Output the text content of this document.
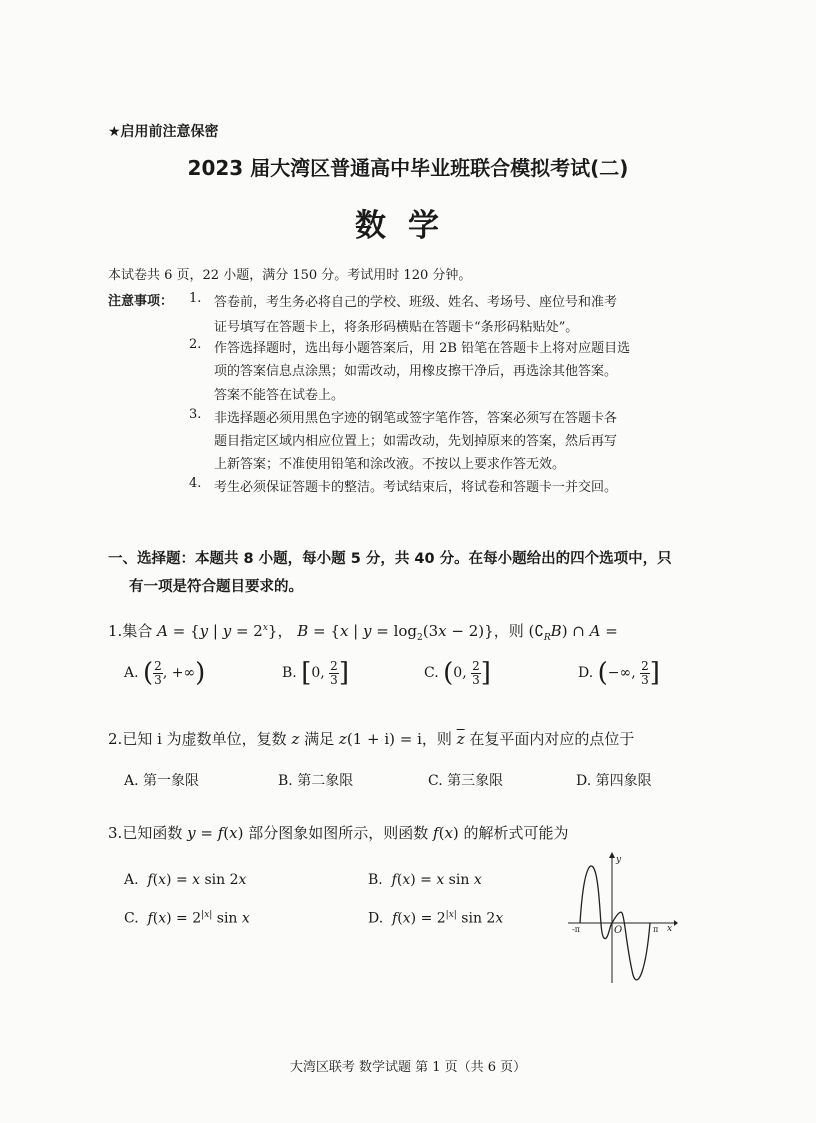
★启用前注意保密
2023 届大湾区普通高中毕业班联合模拟考试(二)
数学
本试卷共 6 页，22 小题，满分 150 分。考试用时 120 分钟。
注意事项： 1. 答卷前，考生务必将自己的学校、班级、姓名、考场号、座位号和准考
证号填写在答题卡上，将条形码横贴在答题卡“条形码粘贴处”。
2. 作答选择题时，选出每小题答案后，用 2B 铅笔在答题卡上将对应题目选
项的答案信息点涂黑；如需改动，用橡皮擦干净后，再选涂其他答案。
答案不能答在试卷上。
3. 非选择题必须用黑色字迹的钢笔或签字笔作答，答案必须写在答题卡各
题目指定区域内相应位置上；如需改动，先划掉原来的答案，然后再写
上新答案；不准使用铅笔和涂改液。不按以上要求作答无效。
4. 考生必须保证答题卡的整洁。考试结束后，将试卷和答题卡一并交回。
一、选择题：本题共 8 小题，每小题 5 分，共 40 分。在每小题给出的四个选项中，只
有一项是符合题目要求的。
1.集合 A = {y | $y = 2^x$}， B = {x | $y = \log_2(3x - 2)$}，则 $(∁_RB)$ ∩ A =
A. ( $\frac{2}{3}$ , +∞)	B. [0, $\frac{2}{3}$ ]	C. (0, $\frac{2}{3}$ ]	D. (−∞, $\frac{2}{3}$ ]
2.已知 i 为虚数单位，复数 z 满足 z(1 + i) = i，则 $\overline{z}$ 在复平面内对应的点位于
A. 第一象限	B. 第二象限	C. 第三象限	D. 第四象限
3.已知函数 y = f(x) 部分图象如图所示，则函数 f(x) 的解析式可能为
A. f(x) = x sin 2x	B. f(x) = x sin x
C. $f(x) = 2^{|x|}$ sin x	D. $f(x) = 2^{|x|}$ sin 2x
y
x
O
-π	π
大湾区联考 数学试题 第 1 页（共 6 页）
